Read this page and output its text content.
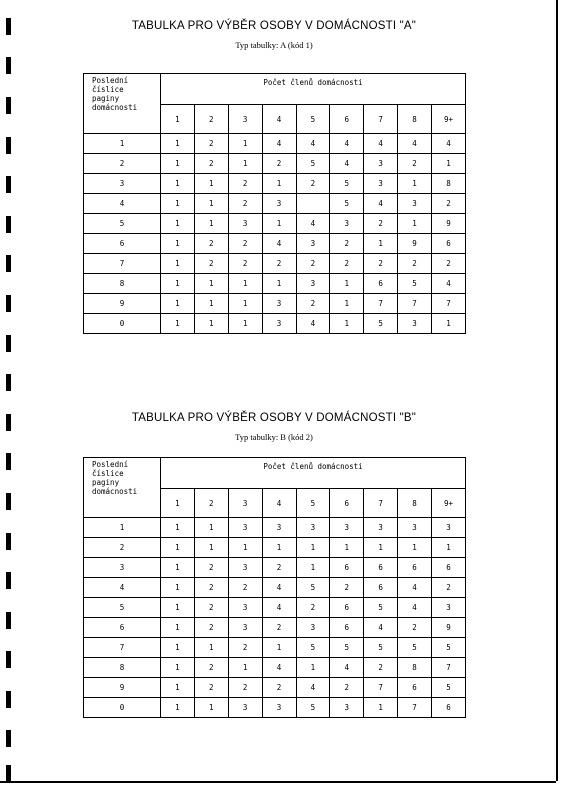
TABULKA PRO VÝBĚR OSOBY V DOMÁCNOSTI "A"
Typ tabulky: A (kód 1)
Poslední
číslice
paginy
domácnosti	Počet členů domácnosti								
	1	2	3	4	5	6	7	8	9+
1	1	2	1	4	4	4	4	4	4
2	1	2	1	2	5	4	3	2	1
3	1	1	2	1	2	5	3	1	8
4	1	1	2	3		5	4	3	2
5	1	1	3	1	4	3	2	1	9
6	1	2	2	4	3	2	1	9	6
7	1	2	2	2	2	2	2	2	2
8	1	1	1	1	3	1	6	5	4
9	1	1	1	3	2	1	7	7	7
0	1	1	1	3	4	1	5	3	1
TABULKA PRO VÝBĚR OSOBY V DOMÁCNOSTI "B"
Typ tabulky: B (kód 2)
Poslední
číslice
paginy
domácnosti	Počet členů domácnosti								
	1	2	3	4	5	6	7	8	9+
1	1	1	3	3	3	3	3	3	3
2	1	1	1	1	1	1	1	1	1
3	1	2	3	2	1	6	6	6	6
4	1	2	2	4	5	2	6	4	2
5	1	2	3	4	2	6	5	4	3
6	1	2	3	2	3	6	4	2	9
7	1	1	2	1	5	5	5	5	5
8	1	2	1	4	1	4	2	8	7
9	1	2	2	2	4	2	7	6	5
0	1	1	3	3	5	3	1	7	6
